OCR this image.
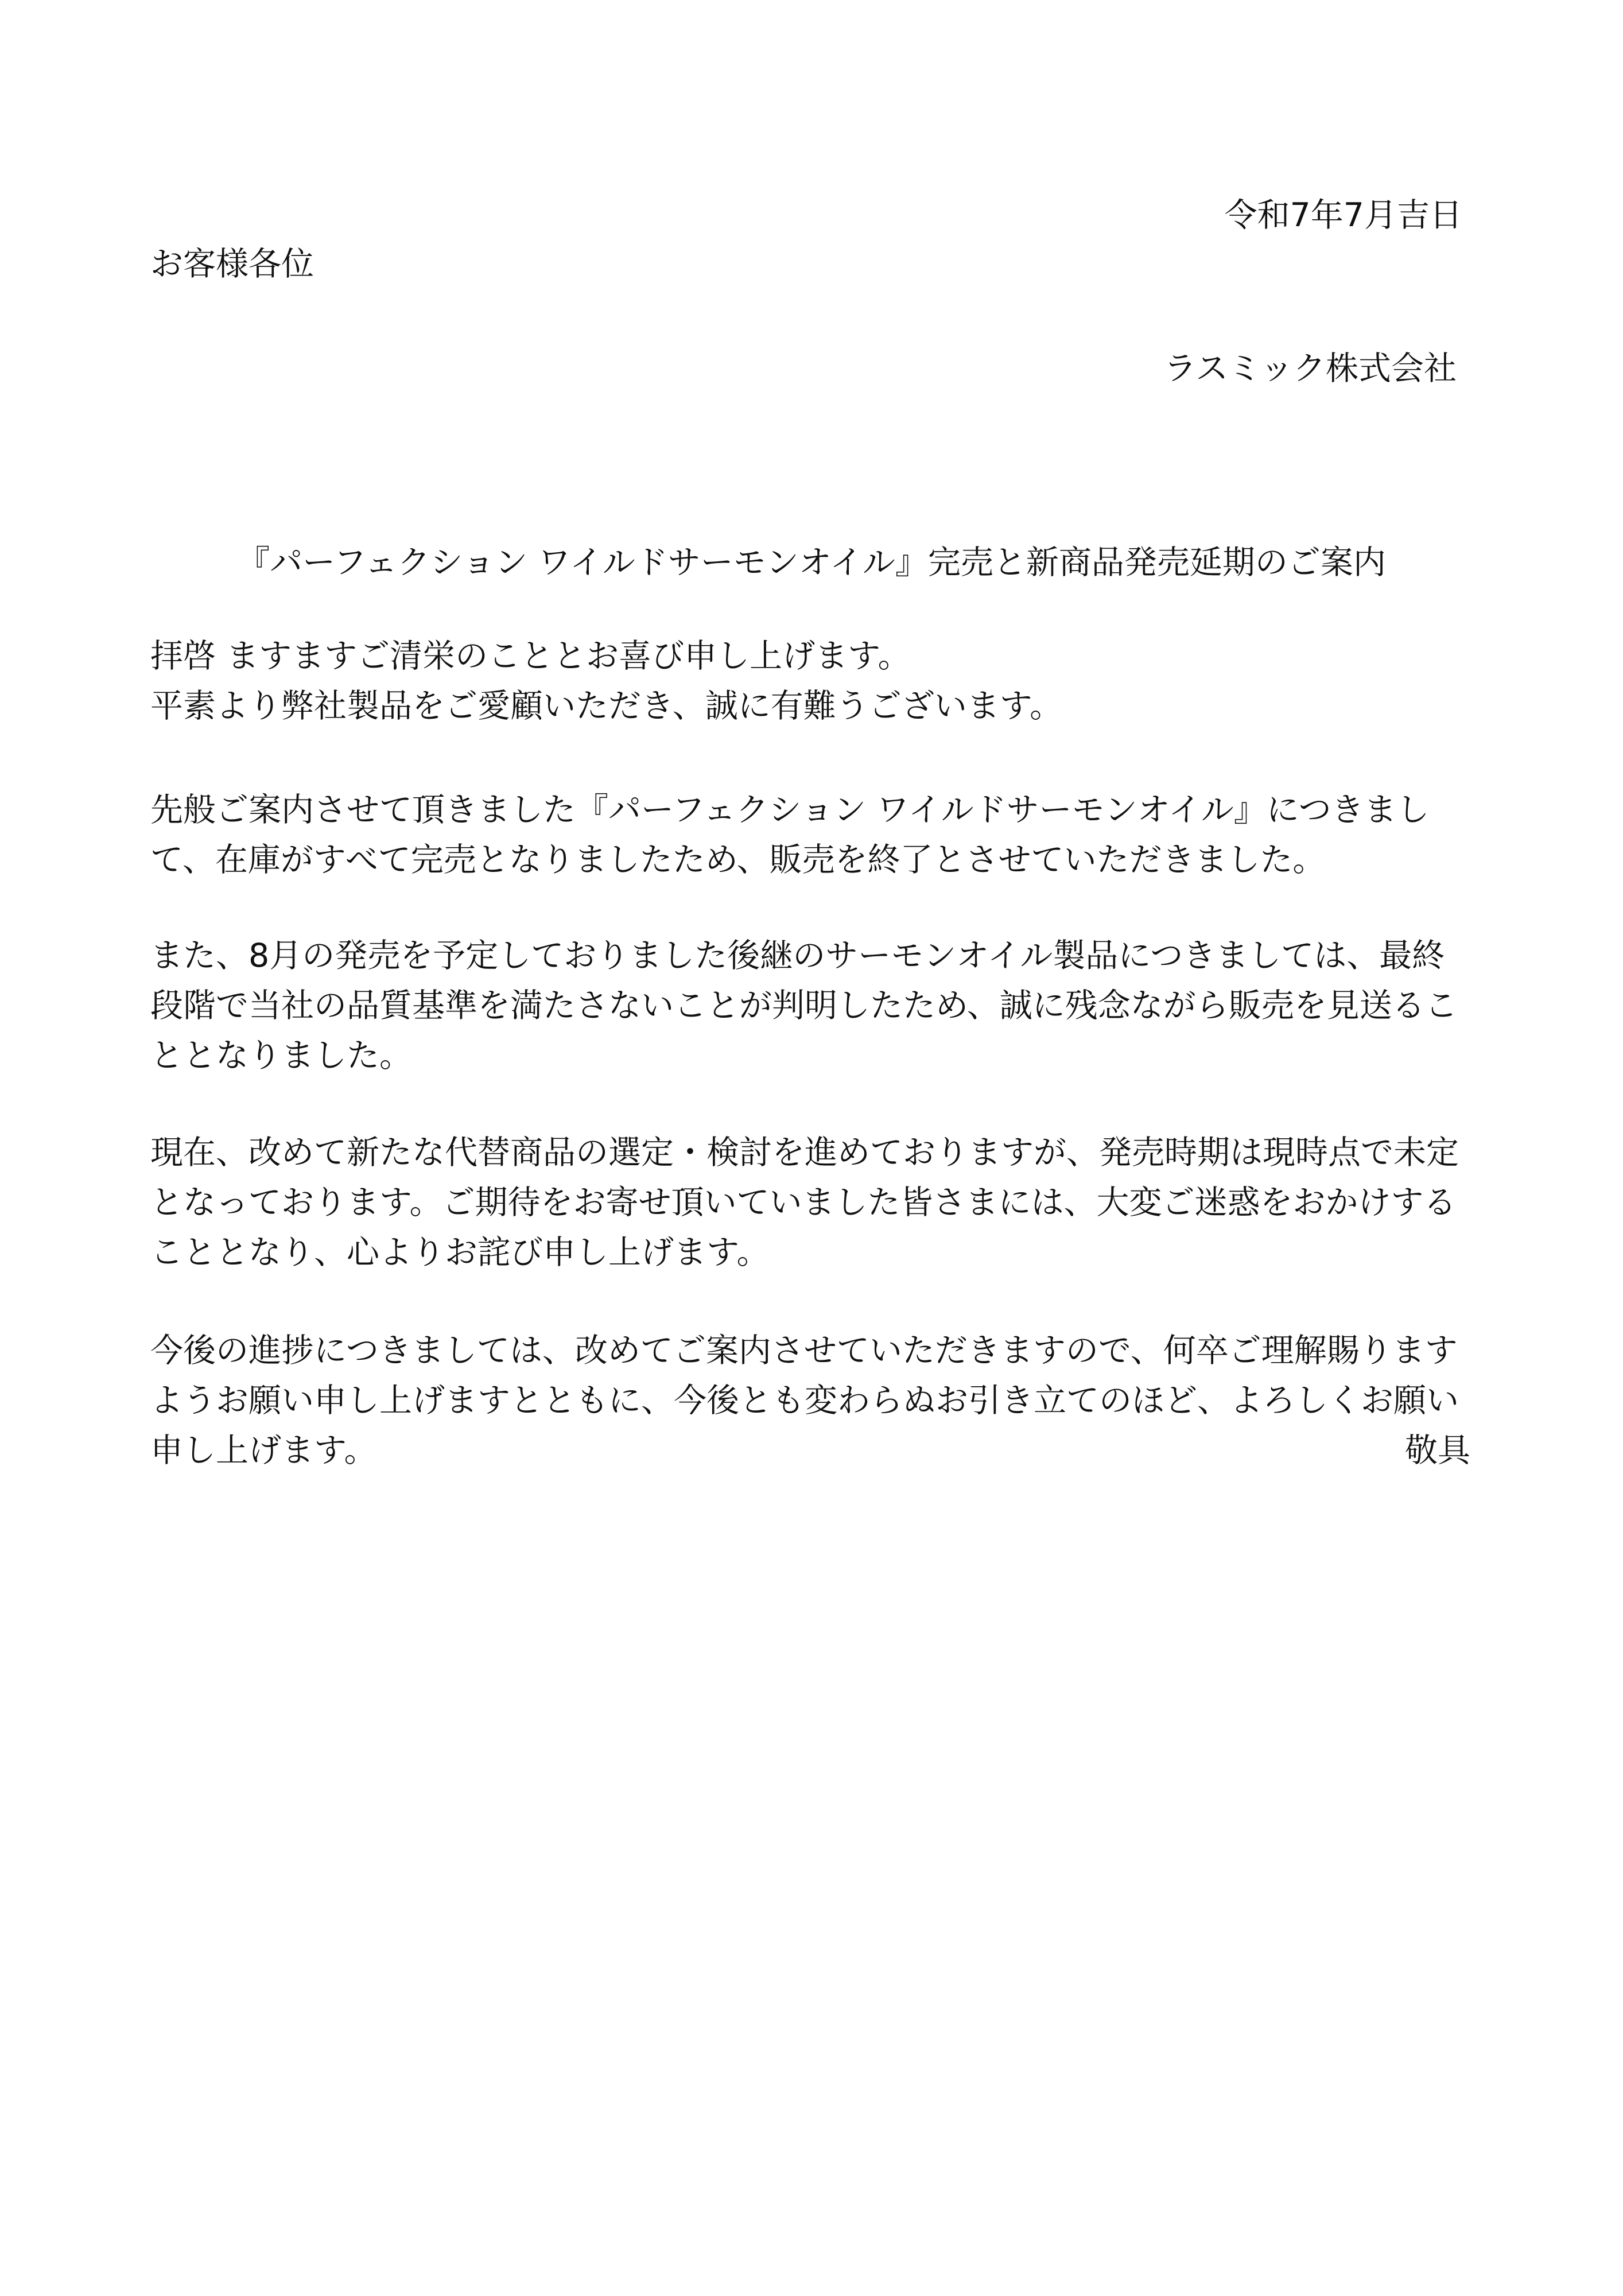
令和7年7月吉日
お客様各位
ラスミック株式会社
『パーフェクション ワイルドサーモンオイル』完売と新商品発売延期のご案内
拝啓 ますますご清栄のこととお喜び申し上げます。
平素より弊社製品をご愛顧いただき、誠に有難うございます。
先般ご案内させて頂きました『パーフェクション ワイルドサーモンオイル』につきまし
て、在庫がすべて完売となりましたため、販売を終了とさせていただきました。
また、8月の発売を予定しておりました後継のサーモンオイル製品につきましては、最終
段階で当社の品質基準を満たさないことが判明したため、誠に残念ながら販売を見送るこ
ととなりました。
現在、改めて新たな代替商品の選定・検討を進めておりますが、発売時期は現時点で未定
となっております。ご期待をお寄せ頂いていました皆さまには、大変ご迷惑をおかけする
こととなり、心よりお詫び申し上げます。
今後の進捗につきましては、改めてご案内させていただきますので、何卒ご理解賜ります
ようお願い申し上げますとともに、今後とも変わらぬお引き立てのほど、よろしくお願い
申し上げます。	敬具
